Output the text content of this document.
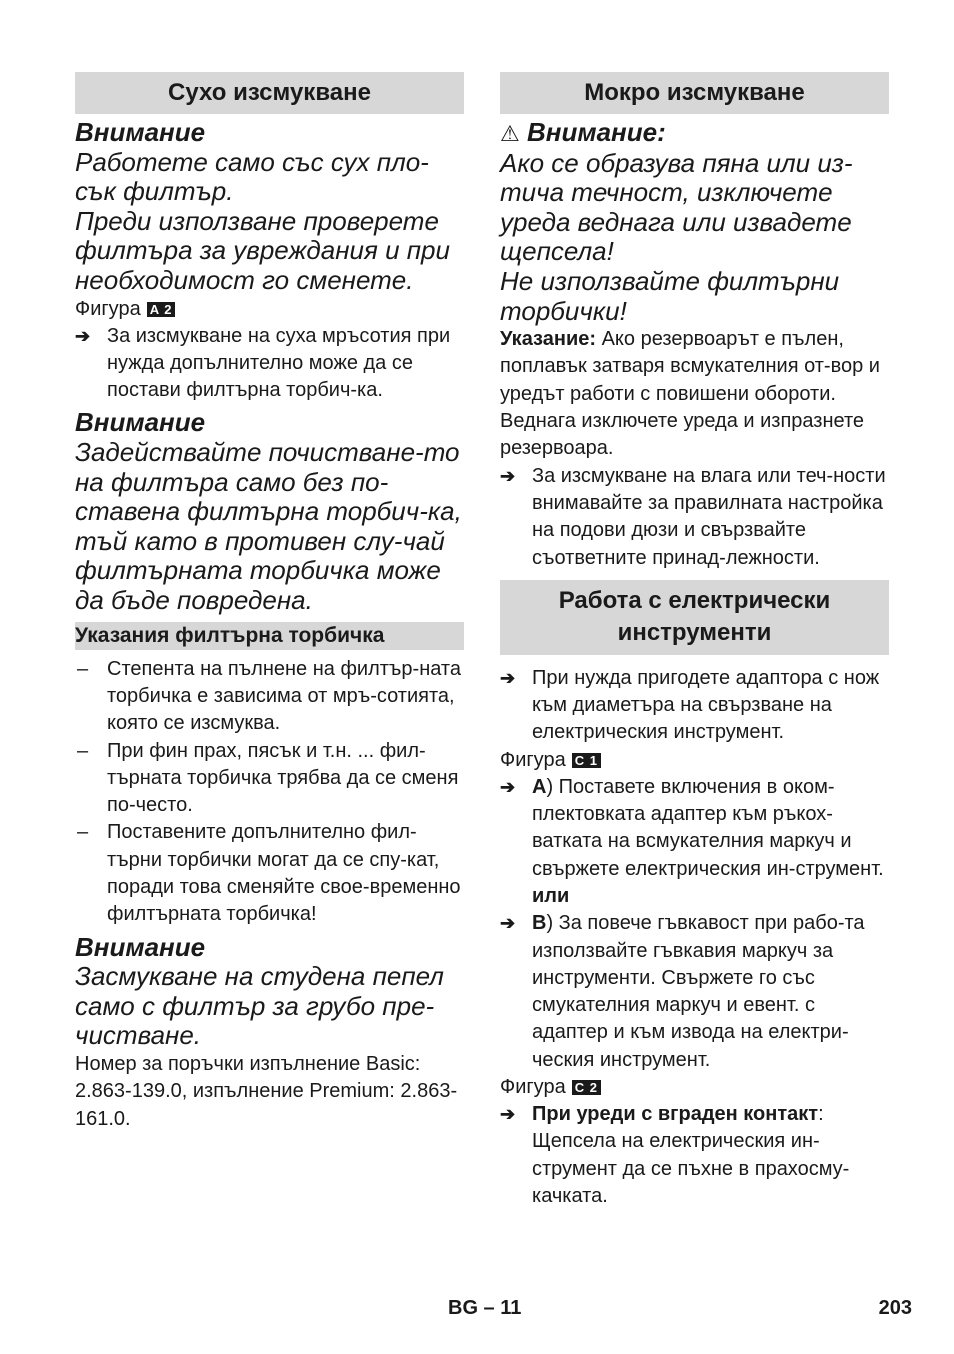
Сухо изсмукване
Внимание

Работете само със сух пло-сък филтър.

Преди използване проверете филтъра за увреждания и при необходимост го сменете.

Фигура A 2
➔ За изсмукване на суха мръсотия при нужда допълнително може да се постави филтърна торбич-ка.
Внимание

Задействайте почистване-то на филтъра само без по-ставена филтърна торбич-ка, тъй като в противен слу-чай филтърната торбичка може да бъде повредена.

Указания филтърна торбичка
– Степента на пълнене на филтър-ната торбичка е зависима от мръ-сотията, която се изсмуква.
– При фин прах, пясък и т.н. ... фил-търната торбичка трябва да се сменя по-често.
– Поставените допълнително фил-търни торбички могат да се спу-кат, поради това сменяйте свое-временно филтърната торбичка!
Внимание

Засмукване на студена пепел само с филтър за грубо пре-чистване.

Номер за поръчки изпълнение Basic: 2.863-139.0, изпълнение Premium: 2.863-161.0.

Мокро изсмукване
⚠ Внимание:

Ако се образува пяна или из-тича течност, изключете уреда веднага или извадете щепсела!

Не използвайте филтърни торбички!

Указание: Ако резервоарът е пълен, поплавък затваря всмукателния от-вор и уредът работи с повишени обороти. Веднага изключете уреда и изпразнете резервоара.

➔ За изсмукване на влага или теч-ности внимавайте за правилната настройка на подови дюзи и свързвайте съответните принад-лежности.
Работа с електрически инструменти
➔ При нужда пригодете адаптора с нож към диаметъра на свързване на електрическия инструмент.
Фигура C 1
➔ A) Поставете включения в оком-плектовката адаптер към ръкох-ватката на всмукателния маркуч и свържете електрическия ин-струмент.
или
➔ B) За повече гъвкавост при рабо-та използвайте гъвкавия маркуч за инструменти. Свържете го със смукателния маркуч и евент. с адаптер и към извода на електри-ческия инструмент.
Фигура C 2
➔ При уреди с вграден контакт: Щепсела на електрическия ин-струмент да се пъхне в прахосму-качката.
BG – 11	203
